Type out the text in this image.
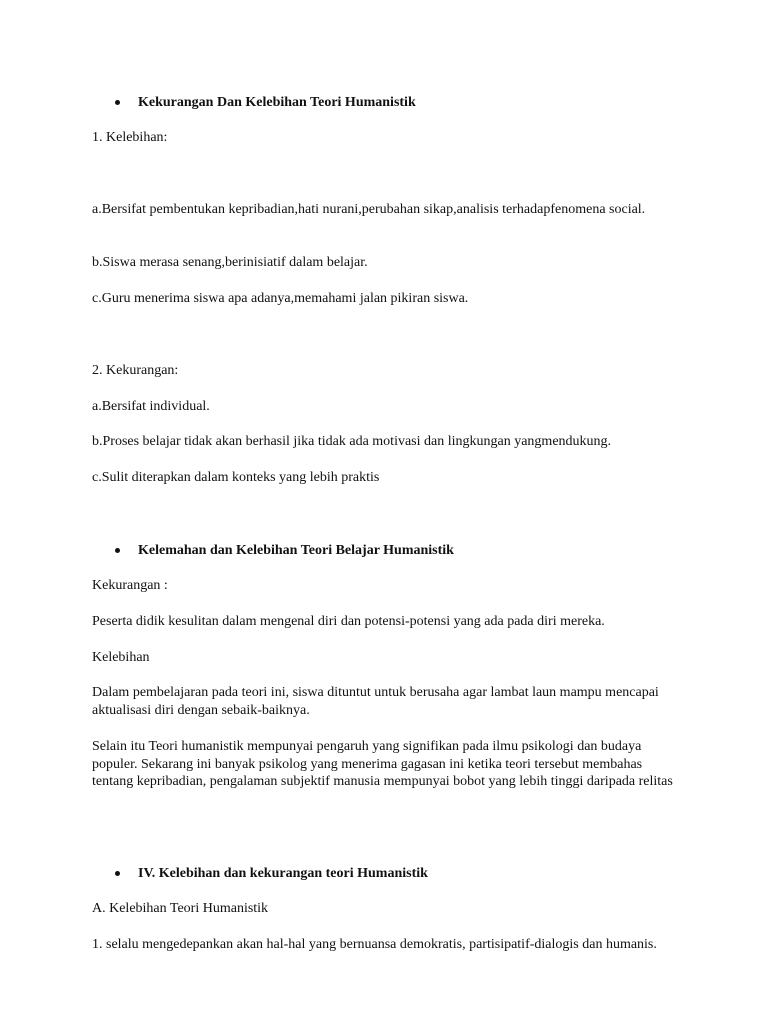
Kekurangan Dan Kelebihan Teori Humanistik

1. Kelebihan:

a.Bersifat pembentukan kepribadian,hati nurani,perubahan sikap,analisis terhadapfenomena social.

b.Siswa merasa senang,berinisiatif dalam belajar.

c.Guru menerima siswa apa adanya,memahami jalan pikiran siswa.

2. Kekurangan:

a.Bersifat individual.

b.Proses belajar tidak akan berhasil jika tidak ada motivasi dan lingkungan yangmendukung.

c.Sulit diterapkan dalam konteks yang lebih praktis

Kelemahan dan Kelebihan Teori Belajar Humanistik

Kekurangan :

Peserta didik kesulitan dalam mengenal diri dan potensi-potensi yang ada pada diri mereka.

Kelebihan

Dalam pembelajaran pada teori ini, siswa dituntut untuk berusaha agar lambat laun mampu mencapai aktualisasi diri dengan sebaik-baiknya.

Selain itu Teori humanistik mempunyai pengaruh yang signifikan pada ilmu psikologi dan budaya populer. Sekarang ini banyak psikolog yang menerima gagasan ini ketika teori tersebut membahas tentang kepribadian, pengalaman subjektif manusia mempunyai bobot yang lebih tinggi daripada relitas

IV. Kelebihan dan kekurangan teori Humanistik

A. Kelebihan Teori Humanistik

1. selalu mengedepankan akan hal-hal yang bernuansa demokratis, partisipatif-dialogis dan humanis.
